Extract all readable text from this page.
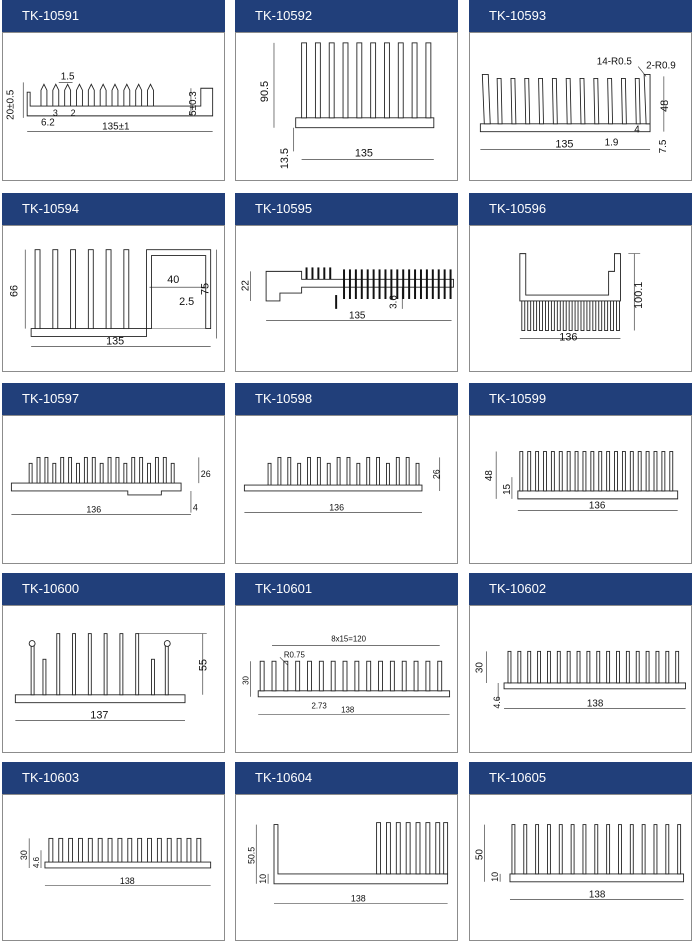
TK-10591
20±0.5
1.5
5±0.3
3 2
6.2	135±1
TK-10592
90.5
13.5	135
TK-10593
14-R0.5 2-R0.9
48
4
135	1.9	7.5
TK-10594
66
40
2.5
75
135
TK-10595
22
3.6
135
TK-10596
100.1
136
TK-10597
26
4
136
TK-10598
26
136
TK-10599
48
15
136
TK-10600
55
137
TK-10601
8x15=120
R0.75
30
2.73 138
TK-10602
30
4.6	138
TK-10603
30
4.6
138
TK-10604
50.5
10
138
TK-10605
50
10
138
